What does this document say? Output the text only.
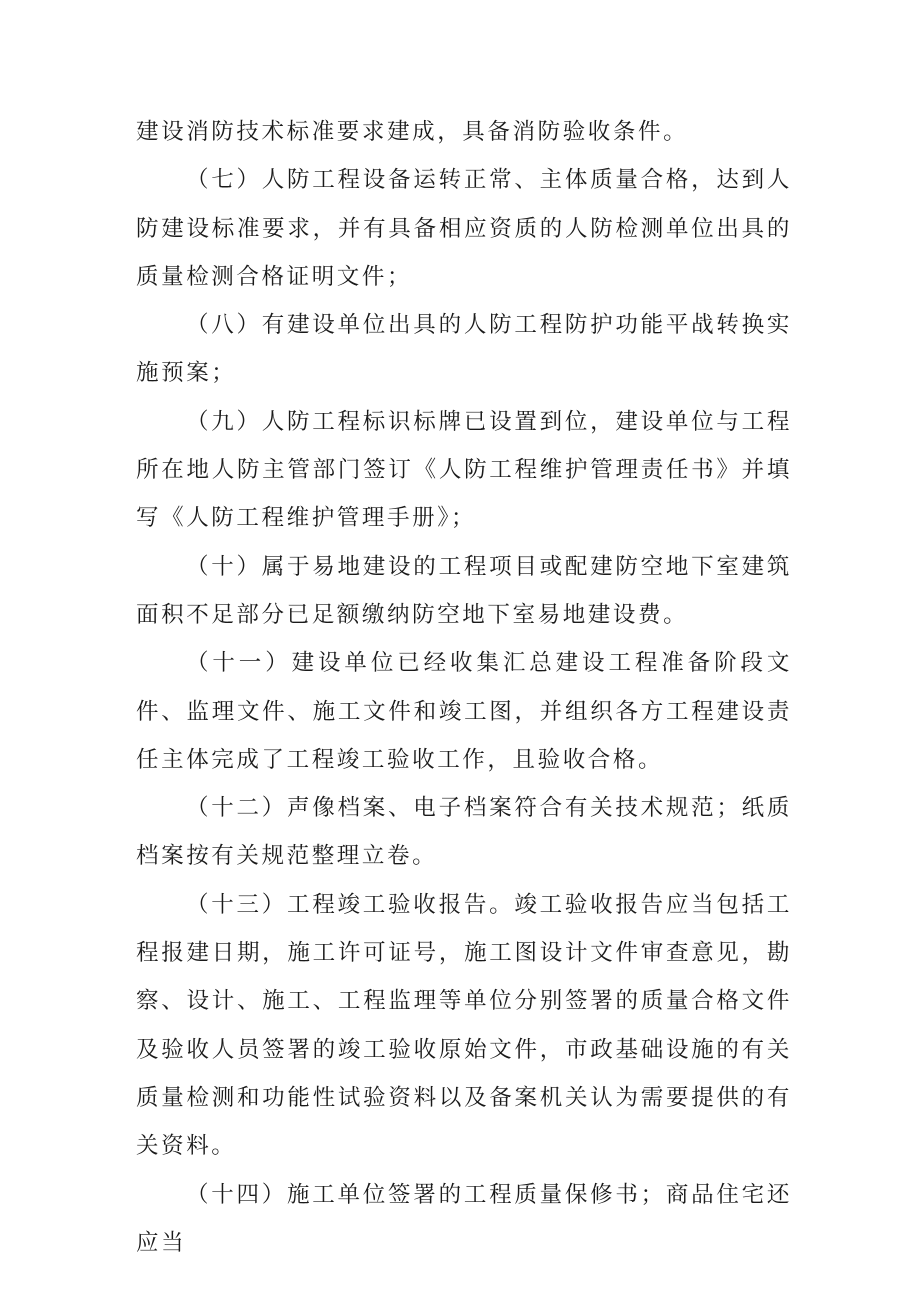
建设消防技术标准要求建成，具备消防验收条件。

（七）人防工程设备运转正常、主体质量合格，达到人防建设标准要求，并有具备相应资质的人防检测单位出具的质量检测合格证明文件；

（八）有建设单位出具的人防工程防护功能平战转换实施预案；

（九）人防工程标识标牌已设置到位，建设单位与工程所在地人防主管部门签订《人防工程维护管理责任书》并填写《人防工程维护管理手册》；

（十）属于易地建设的工程项目或配建防空地下室建筑面积不足部分已足额缴纳防空地下室易地建设费。

（十一）建设单位已经收集汇总建设工程准备阶段文件、监理文件、施工文件和竣工图，并组织各方工程建设责任主体完成了工程竣工验收工作，且验收合格。

（十二）声像档案、电子档案符合有关技术规范；纸质档案按有关规范整理立卷。

（十三）工程竣工验收报告。竣工验收报告应当包括工程报建日期，施工许可证号，施工图设计文件审查意见，勘察、设计、施工、工程监理等单位分别签署的质量合格文件及验收人员签署的竣工验收原始文件，市政基础设施的有关质量检测和功能性试验资料以及备案机关认为需要提供的有关资料。

（十四）施工单位签署的工程质量保修书；商品住宅还应当
